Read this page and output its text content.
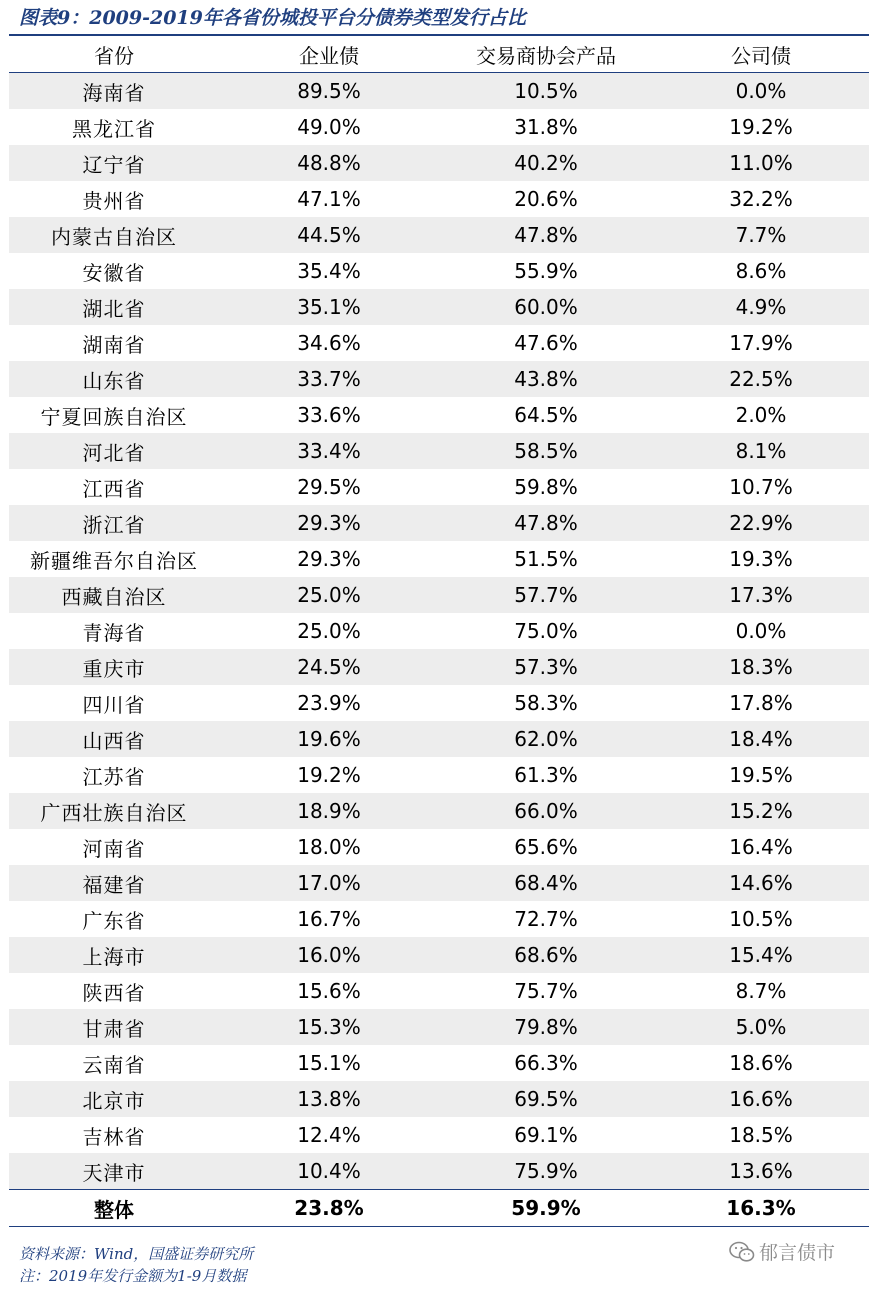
图表9：2009-2019年各省份城投平台分债券类型发行占比
省份	企业债	交易商协会产品	公司债
海南省	89.5%	10.5%	0.0%
黑龙江省	49.0%	31.8%	19.2%
辽宁省	48.8%	40.2%	11.0%
贵州省	47.1%	20.6%	32.2%
内蒙古自治区	44.5%	47.8%	7.7%
安徽省	35.4%	55.9%	8.6%
湖北省	35.1%	60.0%	4.9%
湖南省	34.6%	47.6%	17.9%
山东省	33.7%	43.8%	22.5%
宁夏回族自治区	33.6%	64.5%	2.0%
河北省	33.4%	58.5%	8.1%
江西省	29.5%	59.8%	10.7%
浙江省	29.3%	47.8%	22.9%
新疆维吾尔自治区	29.3%	51.5%	19.3%
西藏自治区	25.0%	57.7%	17.3%
青海省	25.0%	75.0%	0.0%
重庆市	24.5%	57.3%	18.3%
四川省	23.9%	58.3%	17.8%
山西省	19.6%	62.0%	18.4%
江苏省	19.2%	61.3%	19.5%
广西壮族自治区	18.9%	66.0%	15.2%
河南省	18.0%	65.6%	16.4%
福建省	17.0%	68.4%	14.6%
广东省	16.7%	72.7%	10.5%
上海市	16.0%	68.6%	15.4%
陕西省	15.6%	75.7%	8.7%
甘肃省	15.3%	79.8%	5.0%
云南省	15.1%	66.3%	18.6%
北京市	13.8%	69.5%	16.6%
吉林省	12.4%	69.1%	18.5%
天津市	10.4%	75.9%	13.6%
整体	23.8%	59.9%	16.3%
资料来源：Wind，国盛证券研究所
注：2019年发行金额为1-9月数据
郁言债市
